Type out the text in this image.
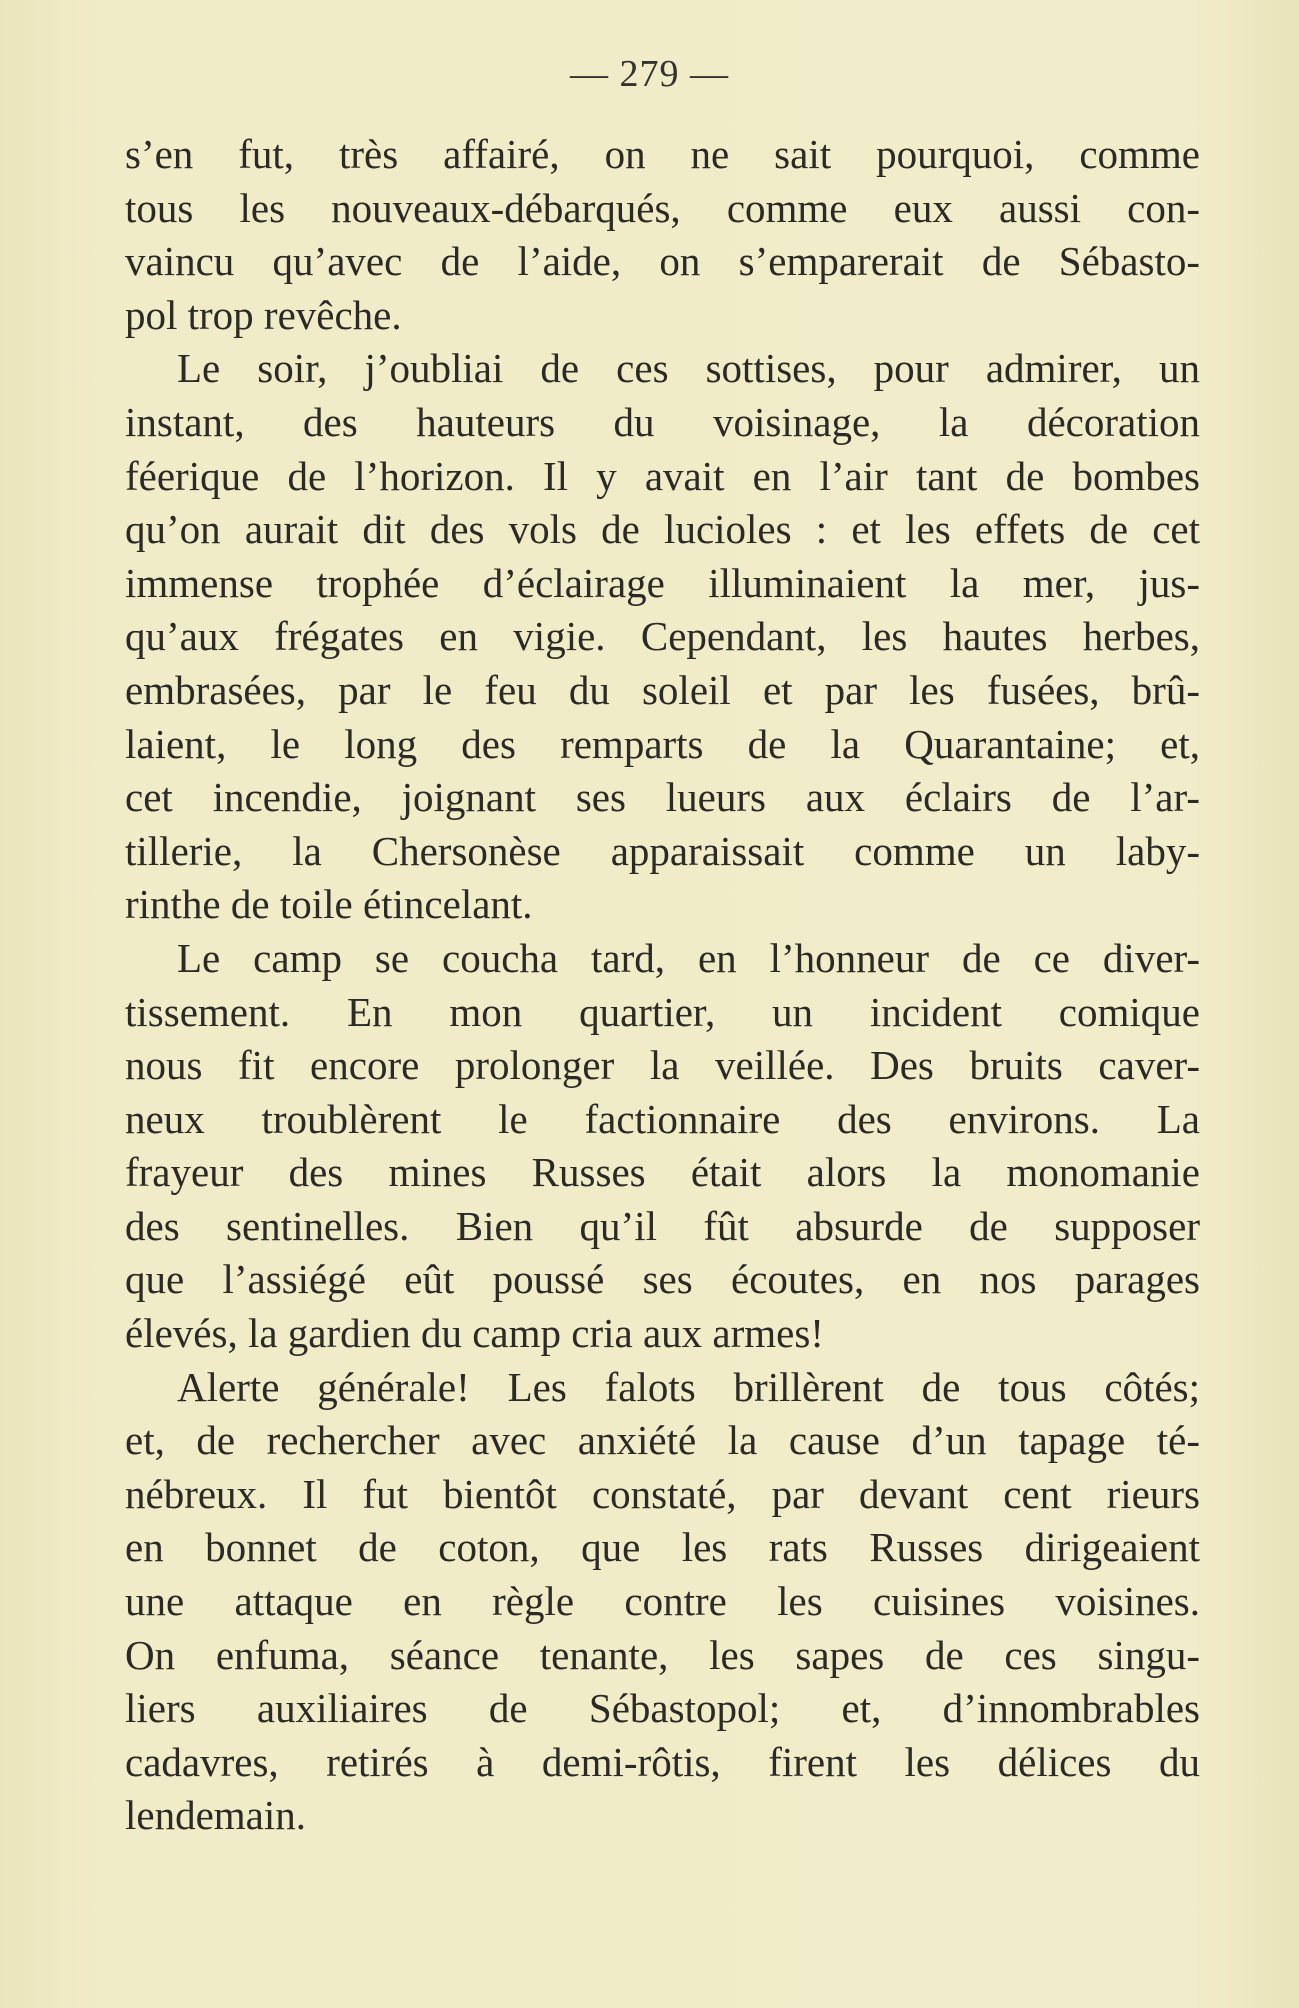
— 279 —
s’en fut, très affairé, on ne sait pourquoi, comme
tous les nouveaux-débarqués, comme eux aussi con-
vaincu qu’avec de l’aide, on s’emparerait de Sébasto-
pol trop revêche.
Le soir, j’oubliai de ces sottises, pour admirer, un
instant, des hauteurs du voisinage, la décoration
féerique de l’horizon. Il y avait en l’air tant de bombes
qu’on aurait dit des vols de lucioles : et les effets de cet
immense trophée d’éclairage illuminaient la mer, jus-
qu’aux frégates en vigie. Cependant, les hautes herbes,
embrasées, par le feu du soleil et par les fusées, brû-
laient, le long des remparts de la Quarantaine; et,
cet incendie, joignant ses lueurs aux éclairs de l’ar-
tillerie, la Chersonèse apparaissait comme un laby-
rinthe de toile étincelant.
Le camp se coucha tard, en l’honneur de ce diver-
tissement. En mon quartier, un incident comique
nous fit encore prolonger la veillée. Des bruits caver-
neux troublèrent le factionnaire des environs. La
frayeur des mines Russes était alors la monomanie
des sentinelles. Bien qu’il fût absurde de supposer
que l’assiégé eût poussé ses écoutes, en nos parages
élevés, la gardien du camp cria aux armes!
Alerte générale! Les falots brillèrent de tous côtés;
et, de rechercher avec anxiété la cause d’un tapage té-
nébreux. Il fut bientôt constaté, par devant cent rieurs
en bonnet de coton, que les rats Russes dirigeaient
une attaque en règle contre les cuisines voisines.
On enfuma, séance tenante, les sapes de ces singu-
liers auxiliaires de Sébastopol; et, d’innombrables
cadavres, retirés à demi-rôtis, firent les délices du
lendemain.
